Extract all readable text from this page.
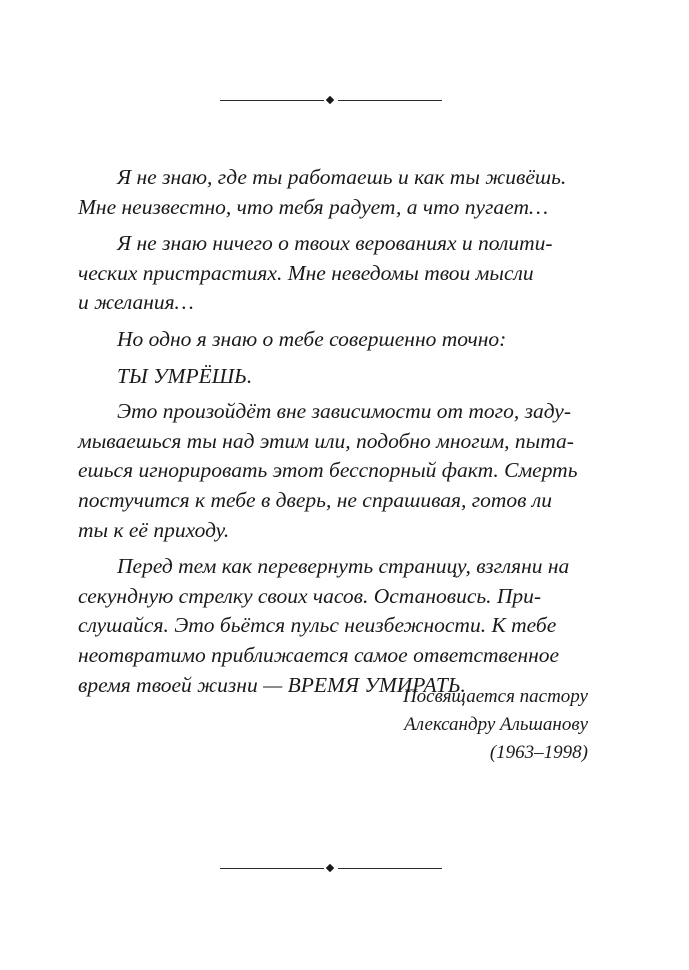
Я не знаю, где ты работаешь и как ты живёшь.
Мне неизвестно, что тебя радует, а что пугает…

Я не знаю ничего о твоих верованиях и полити-
ческих пристрастиях. Мне неведомы твои мысли
и желания…

Но одно я знаю о тебе совершенно точно:

ТЫ УМРЁШЬ.

Это произойдёт вне зависимости от того, заду-
мываешься ты над этим или, подобно многим, пыта-
ешься игнорировать этот бесспорный факт. Смерть
постучится к тебе в дверь, не спрашивая, готов ли
ты к её приходу.

Перед тем как перевернуть страницу, взгляни на
секундную стрелку своих часов. Остановись. При-
слушайся. Это бьётся пульс неизбежности. К тебе
неотвратимо приближается самое ответственное
время твоей жизни — ВРЕМЯ УМИРАТЬ.

Посвящается пастору
Александру Альшанову
(1963–1998)
